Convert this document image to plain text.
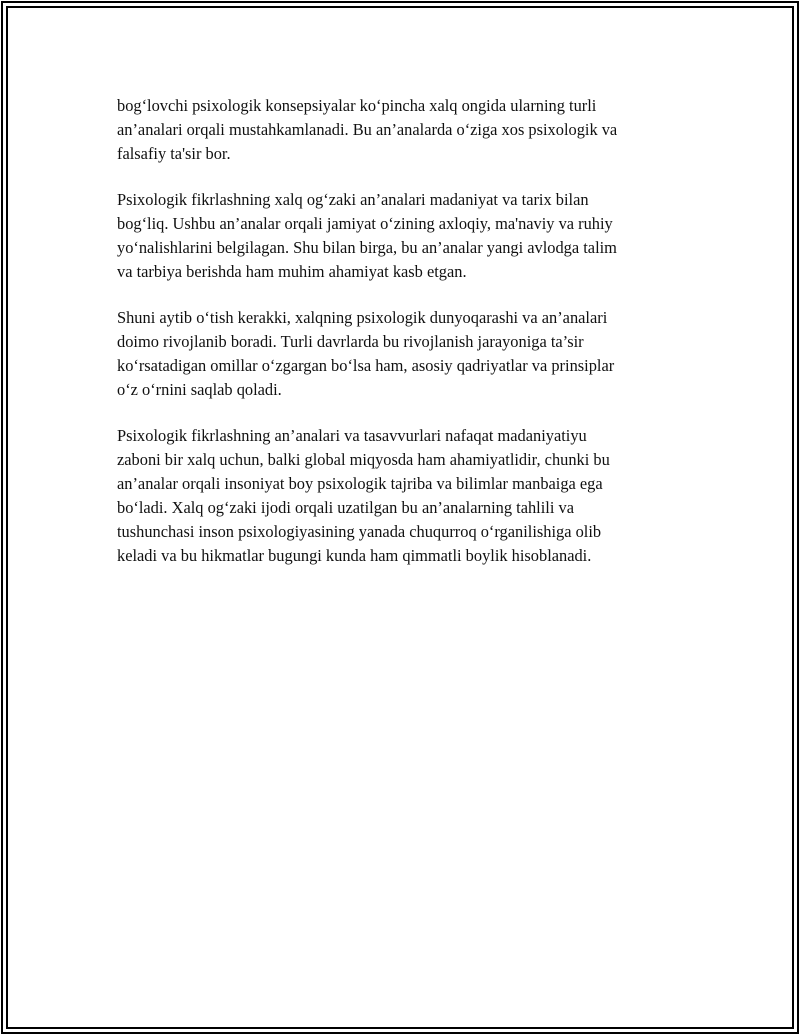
bog‘lovchi psixologik konsepsiyalar ko‘pincha xalq ongida ularning turli
an’analari orqali mustahkamlanadi. Bu an’analarda o‘ziga xos psixologik va
falsafiy ta'sir bor.

Psixologik fikrlashning xalq og‘zaki an’analari madaniyat va tarix bilan
bog‘liq. Ushbu an’analar orqali jamiyat o‘zining axloqiy, ma'naviy va ruhiy
yo‘nalishlarini belgilagan. Shu bilan birga, bu an’analar yangi avlodga talim
va tarbiya berishda ham muhim ahamiyat kasb etgan.

Shuni aytib o‘tish kerakki, xalqning psixologik dunyoqarashi va an’analari
doimo rivojlanib boradi. Turli davrlarda bu rivojlanish jarayoniga ta’sir
ko‘rsatadigan omillar o‘zgargan bo‘lsa ham, asosiy qadriyatlar va prinsiplar
o‘z o‘rnini saqlab qoladi.

Psixologik fikrlashning an’analari va tasavvurlari nafaqat madaniyatiyu
zaboni bir xalq uchun, balki global miqyosda ham ahamiyatlidir, chunki bu
an’analar orqali insoniyat boy psixologik tajriba va bilimlar manbaiga ega
bo‘ladi. Xalq og‘zaki ijodi orqali uzatilgan bu an’analarning tahlili va
tushunchasi inson psixologiyasining yanada chuqurroq o‘rganilishiga olib
keladi va bu hikmatlar bugungi kunda ham qimmatli boylik hisoblanadi.
